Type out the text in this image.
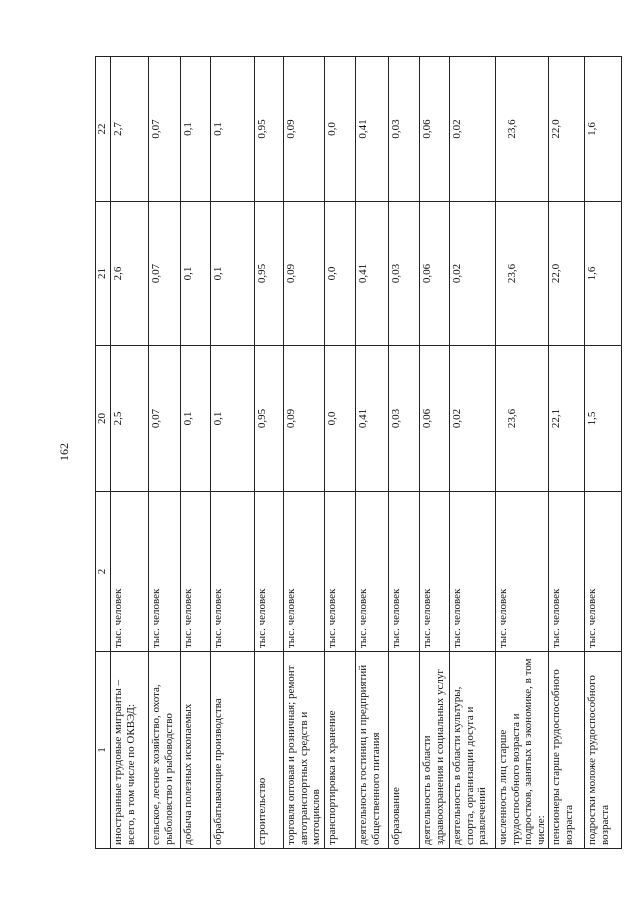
162
1	2	20	21	22
иностранные трудовые мигранты – всего, в том числе по ОКВЭД:	тыс. человек	2,5	2,6	2,7
сельское, лесное хозяйство, охота, рыболовство и рыбоводство	тыс. человек	0,07	0,07	0,07
добыча полезных ископаемых	тыс. человек	0,1	0,1	0,1
обрабатывающие производства	тыс. человек	0,1	0,1	0,1
строительство	тыс. человек	0,95	0,95	0,95
торговля оптовая и розничная; ремонт автотранспортных средств и мотоциклов	тыс. человек	0,09	0,09	0,09
транспортировка и хранение	тыс. человек	0,0	0,0	0,0
деятельность гостиниц и предприятий общественного питания	тыс. человек	0,41	0,41	0,41
образование	тыс. человек	0,03	0,03	0,03
деятельность в области здравоохранения и социальных услуг	тыс. человек	0,06	0,06	0,06
деятельность в области культуры, спорта, организации досуга и развлечений	тыс. человек	0,02	0,02	0,02
численность лиц старше трудоспособного возраста и подростков, занятых в экономике, в том числе:	тыс. человек	23,6	23,6	23,6

пенсионеры старше трудоспособного возраста	тыс. человек	22,1	22,0	22,0
подростки моложе трудоспособного возраста	тыс. человек	1,5	1,6	1,6
